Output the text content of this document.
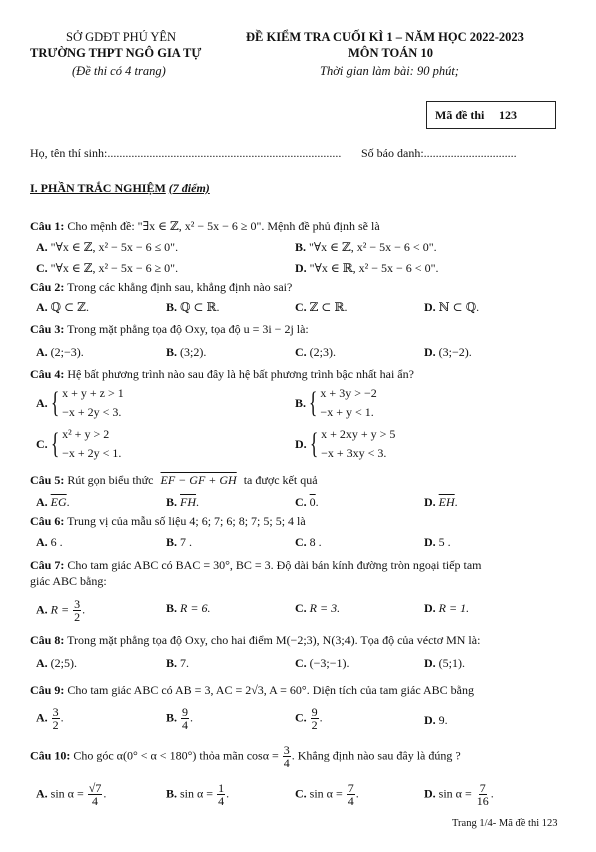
SỞ GDĐT PHÚ YÊN
TRƯỜNG THPT NGÔ GIA TỰ
(Đề thi có 4 trang)
ĐỀ KIỂM TRA CUỐI KÌ 1 – NĂM HỌC 2022-2023
MÔN TOÁN 10
Thời gian làm bài: 90 phút;
Mã đề thi 123
Họ, tên thí sinh:.............................................................................. Số báo danh:...............................
I. PHẦN TRẮC NGHIỆM (7 điểm)
Câu 1: Cho mệnh đề: "∃x ∈ ℤ, x² − 5x − 6 ≥ 0". Mệnh đề phủ định sẽ là
A. "∀x ∈ ℤ, x² − 5x − 6 ≤ 0".	B. "∀x ∈ ℤ, x² − 5x − 6 < 0".
C. "∀x ∈ ℤ, x² − 5x − 6 ≥ 0".	D. "∀x ∈ ℝ, x² − 5x − 6 < 0".
Câu 2: Trong các khẳng định sau, khẳng định nào sai?
A. ℚ ⊂ ℤ.	B. ℚ ⊂ ℝ.	C. ℤ ⊂ ℝ.	D. ℕ ⊂ ℚ.
Câu 3: Trong mặt phẳng tọa độ Oxy, tọa độ u = 3i − 2j là:
A. (2;−3).	B. (3;2).	C. (2;3).	D. (3;−2).
Câu 4: Hệ bất phương trình nào sau đây là hệ bất phương trình bậc nhất hai ẩn?
A. { x + y + z > 1
−x + 2y < 3.
B. { x + 3y > −2
−x + y < 1.
C. { x² + y > 2
−x + 2y < 1.
D. { x + 2xy + y > 5
−x + 3xy < 3.
Câu 5: Rút gọn biểu thức EF − GF + GH ta được kết quả
A. $\overline{EG}$.	B. $\overline{FH}$.	C. 0.	D. $\overline{EH}$.
Câu 6: Trung vị của mẫu số liệu 4; 6; 7; 6; 8; 7; 5; 5; 4 là
A. 6 .	B. 7 .	C. 8 .	D. 5 .
Câu 7: Cho tam giác ABC có BAC = 30°, BC = 3. Độ dài bán kính đường tròn ngoại tiếp tam
giác ABC bằng:
A. $R = \frac{3}{2}$ .	B. R = 6.	C. R = 3.	D. R = 1.
Câu 8: Trong mặt phẳng tọa độ Oxy, cho hai điểm M(−2;3), N(3;4). Tọa độ của véctơ MN là:
A. (2;5).	B. 7.	C. (−3;−1).	D. (5;1).
Câu 9: Cho tam giác ABC có AB = 3, AC = 2√3, A = 60°. Diện tích của tam giác ABC bằng
A. $\frac{3}{2}$ .	B. $\frac{9}{4}$ .	C. $\frac{9}{2}$ .	D. 9.
Câu 10: Cho góc α(0° < α < 180°) thỏa mãn $\cos\alpha = \frac{3}{4}$ . Khẳng định nào sau đây là đúng ?
A. $\sin \alpha = \frac{√7}{4}$ .	B. $\sin \alpha = \frac{1}{4}$ .	C. $\sin \alpha = \frac{7}{4}$ .	D. $\sin \alpha = \frac{7}{16}$ .
Trang 1/4- Mã đề thi 123
